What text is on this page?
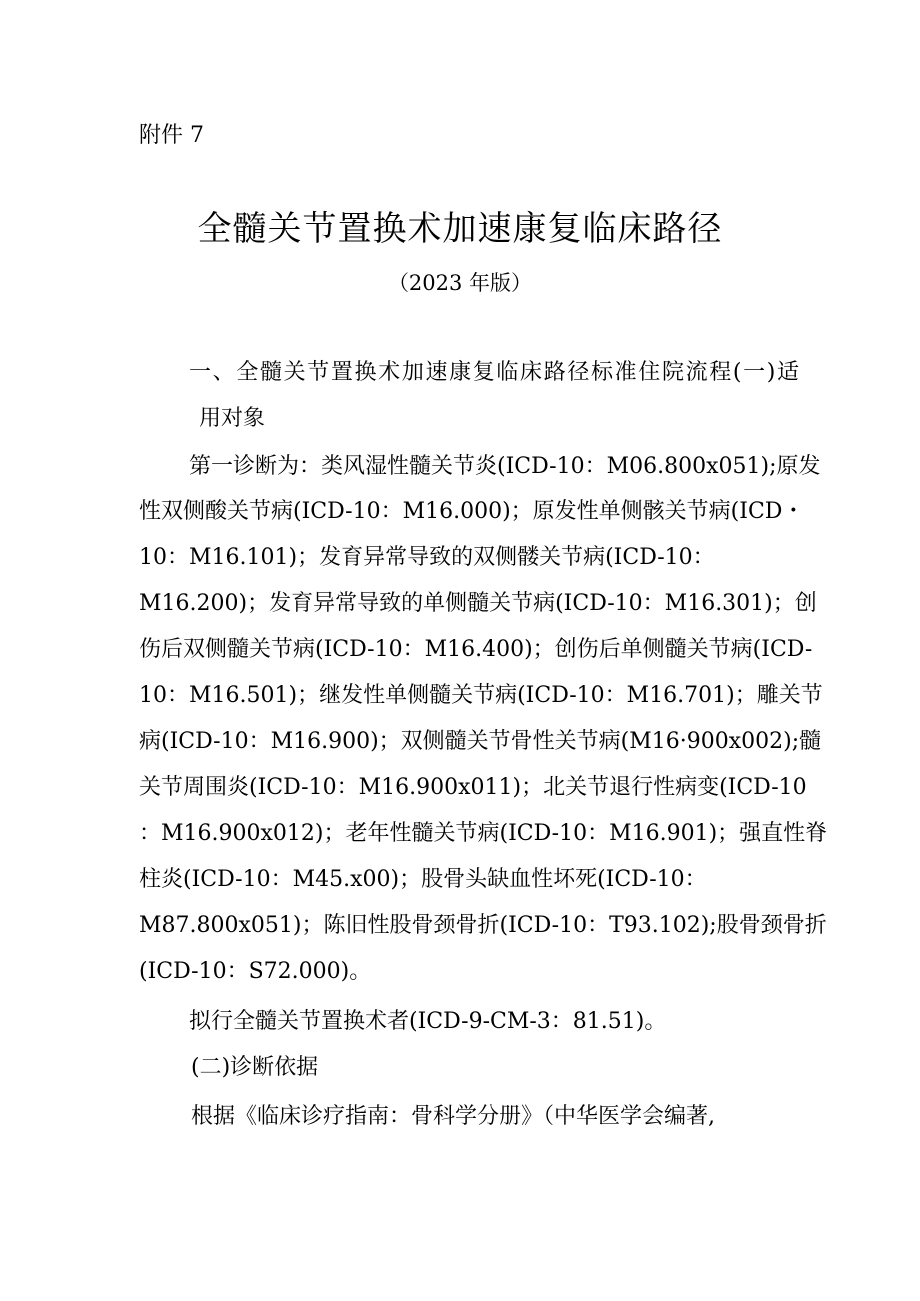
附件 7
全髓关节置换术加速康复临床路径
（2023 年版）
一、全髓关节置换术加速康复临床路径标准住院流程(一)适
用对象
第一诊断为：类风湿性髓关节炎(ICD-10：M06.800x051);原发
性双侧酸关节病(ICD-10：M16.000)；原发性单侧骸关节病(ICD・
10：M16.101)；发育异常导致的双侧髅关节病(ICD-10：
M16.200)；发育异常导致的单侧髓关节病(ICD-10：M16.301)；创
伤后双侧髓关节病(ICD-10：M16.400)；创伤后单侧髓关节病(ICD-
10：M16.501)；继发性单侧髓关节病(ICD-10：M16.701)；雕关节
病(ICD-10：M16.900)；双侧髓关节骨性关节病(M16·900x002);髓
关节周围炎(ICD-10：M16.900x011)；北关节退行性病变(ICD-10
：M16.900x012)；老年性髓关节病(ICD-10：M16.901)；强直性脊
柱炎(ICD-10：M45.x00)；股骨头缺血性坏死(ICD-10：
M87.800x051)；陈旧性股骨颈骨折(ICD-10：T93.102);股骨颈骨折
(ICD-10：S72.000)。
拟行全髓关节置换术者(ICD-9-CM-3：81.51)。
(二)诊断依据
根据《临床诊疗指南：骨科学分册》（中华医学会编著,
